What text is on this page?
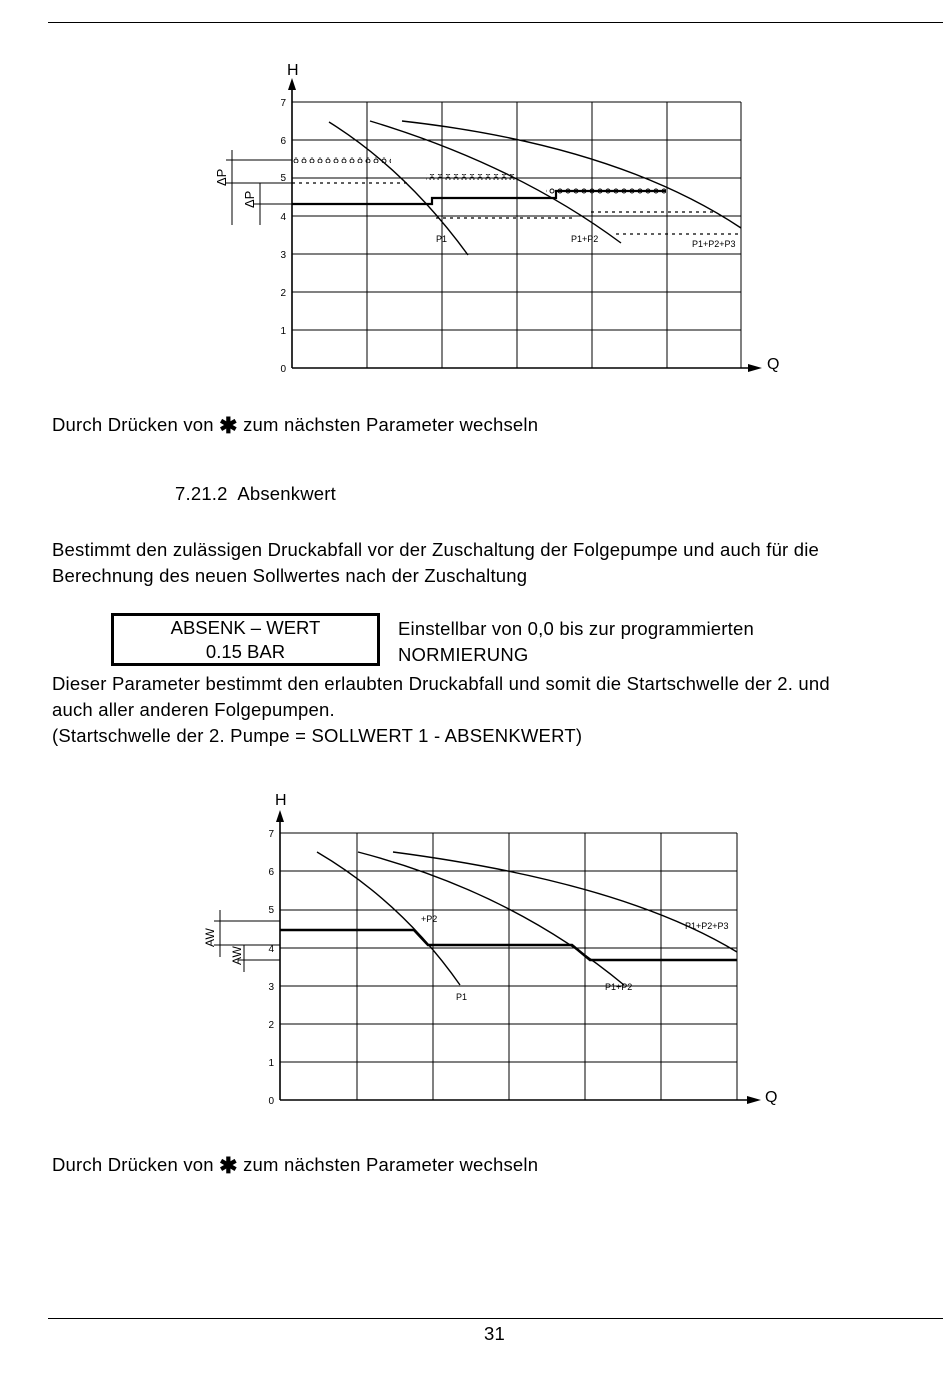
H
Q
0
1
2
3
4
5
6
7
ΔP
ΔP
P1	P1+P2	P1+P2+P3
Durch Drücken von ✱ zum nächsten Parameter wechseln
7.21.2 Absenkwert
Bestimmt den zulässigen Druckabfall vor der Zuschaltung der Folgepumpe und auch für die
Berechnung des neuen Sollwertes nach der Zuschaltung
ABSENK – WERT
0.15 BAR
Einstellbar von 0,0 bis zur programmierten
NORMIERUNG
Dieser Parameter bestimmt den erlaubten Druckabfall und somit die Startschwelle der 2. und
auch aller anderen Folgepumpen.
(Startschwelle der 2. Pumpe = SOLLWERT 1 - ABSENKWERT)
H
Q
0
1
2
3
4
5
6
7
AW
AW
+P2
P1
P1+P2
P1+P2+P3
Durch Drücken von ✱ zum nächsten Parameter wechseln
31
